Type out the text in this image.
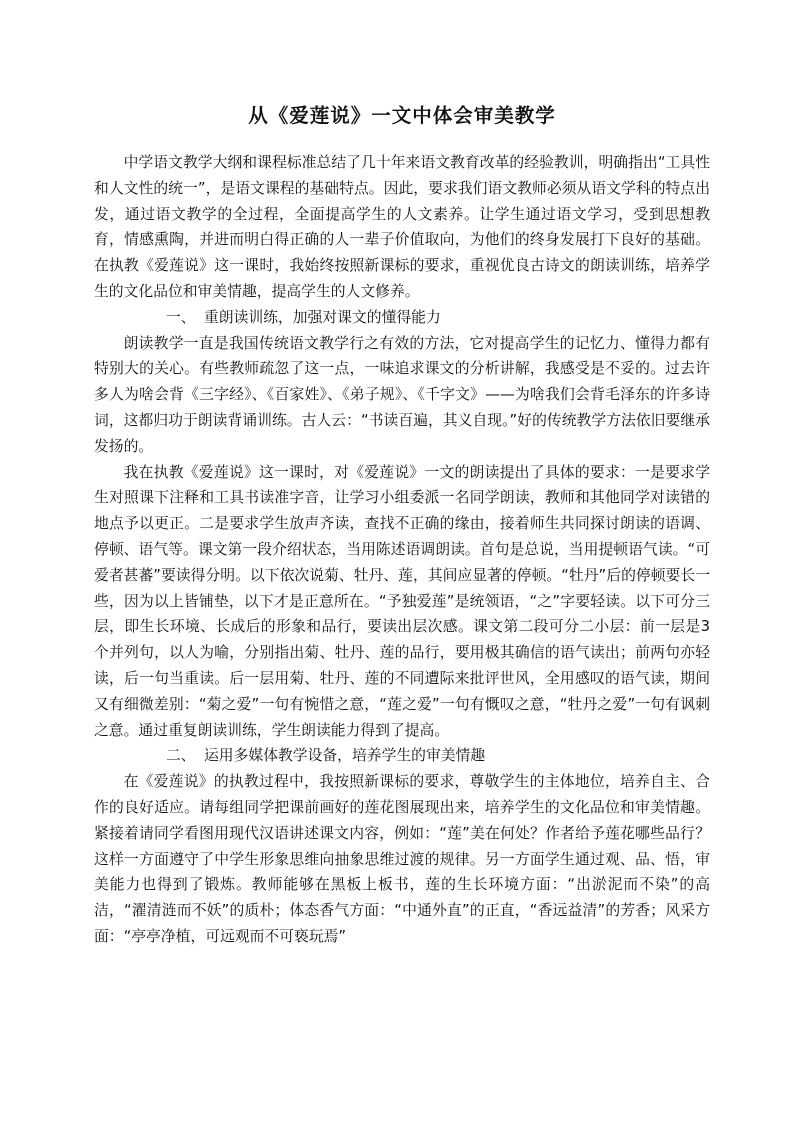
从《爱莲说》一文中体会审美教学

中学语文教学大纲和课程标准总结了几十年来语文教育改革的经验教训，明确指出“工具性和人文性的统一”，是语文课程的基础特点。因此，要求我们语文教师必须从语文学科的特点出发，通过语文教学的全过程，全面提高学生的人文素养。让学生通过语文学习，受到思想教育，情感熏陶，并进而明白得正确的人一辈子价值取向，为他们的终身发展打下良好的基础。在执教《爱莲说》这一课时，我始终按照新课标的要求，重视优良古诗文的朗读训练，培养学生的文化品位和审美情趣，提高学生的人文修养。

一、 重朗读训练，加强对课文的懂得能力

朗读教学一直是我国传统语文教学行之有效的方法，它对提高学生的记忆力、懂得力都有特别大的关心。有些教师疏忽了这一点，一味追求课文的分析讲解，我感受是不妥的。过去许多人为啥会背《三字经》、《百家姓》、《弟子规》、《千字文》——为啥我们会背毛泽东的许多诗词，这都归功于朗读背诵训练。古人云：“书读百遍，其义自现。”好的传统教学方法依旧要继承发扬的。

我在执教《爱莲说》这一课时，对《爱莲说》一文的朗读提出了具体的要求：一是要求学生对照课下注释和工具书读准字音，让学习小组委派一名同学朗读，教师和其他同学对读错的地点予以更正。二是要求学生放声齐读，查找不正确的缘由，接着师生共同探讨朗读的语调、停顿、语气等。课文第一段介绍状态，当用陈述语调朗读。首句是总说，当用提顿语气读。“可爱者甚蕃”要读得分明。以下依次说菊、牡丹、莲，其间应显著的停顿。“牡丹”后的停顿要长一些，因为以上皆铺垫，以下才是正意所在。“予独爱莲”是统领语，“之”字要轻读。以下可分三层，即生长环境、长成后的形象和品行，要读出层次感。课文第二段可分二小层：前一层是3个并列句，以人为喻，分别指出菊、牡丹、莲的品行，要用极其确信的语气读出；前两句亦轻读，后一句当重读。后一层用菊、牡丹、莲的不同遭际来批评世风，全用感叹的语气读，期间又有细微差别：“菊之爱”一句有惋惜之意，“莲之爱”一句有慨叹之意，“牡丹之爱”一句有讽刺之意。通过重复朗读训练，学生朗读能力得到了提高。

二、 运用多媒体教学设备，培养学生的审美情趣

在《爱莲说》的执教过程中，我按照新课标的要求，尊敬学生的主体地位，培养自主、合作的良好适应。请每组同学把课前画好的莲花图展现出来，培养学生的文化品位和审美情趣。紧接着请同学看图用现代汉语讲述课文内容，例如：“莲”美在何处？作者给予莲花哪些品行？这样一方面遵守了中学生形象思维向抽象思维过渡的规律。另一方面学生通过观、品、悟，审美能力也得到了锻炼。教师能够在黑板上板书，莲的生长环境方面：“出淤泥而不染”的高洁，“濯清涟而不妖”的质朴；体态香气方面：“中通外直”的正直，“香远益清”的芳香；风采方面：“亭亭净植，可远观而不可亵玩焉”
